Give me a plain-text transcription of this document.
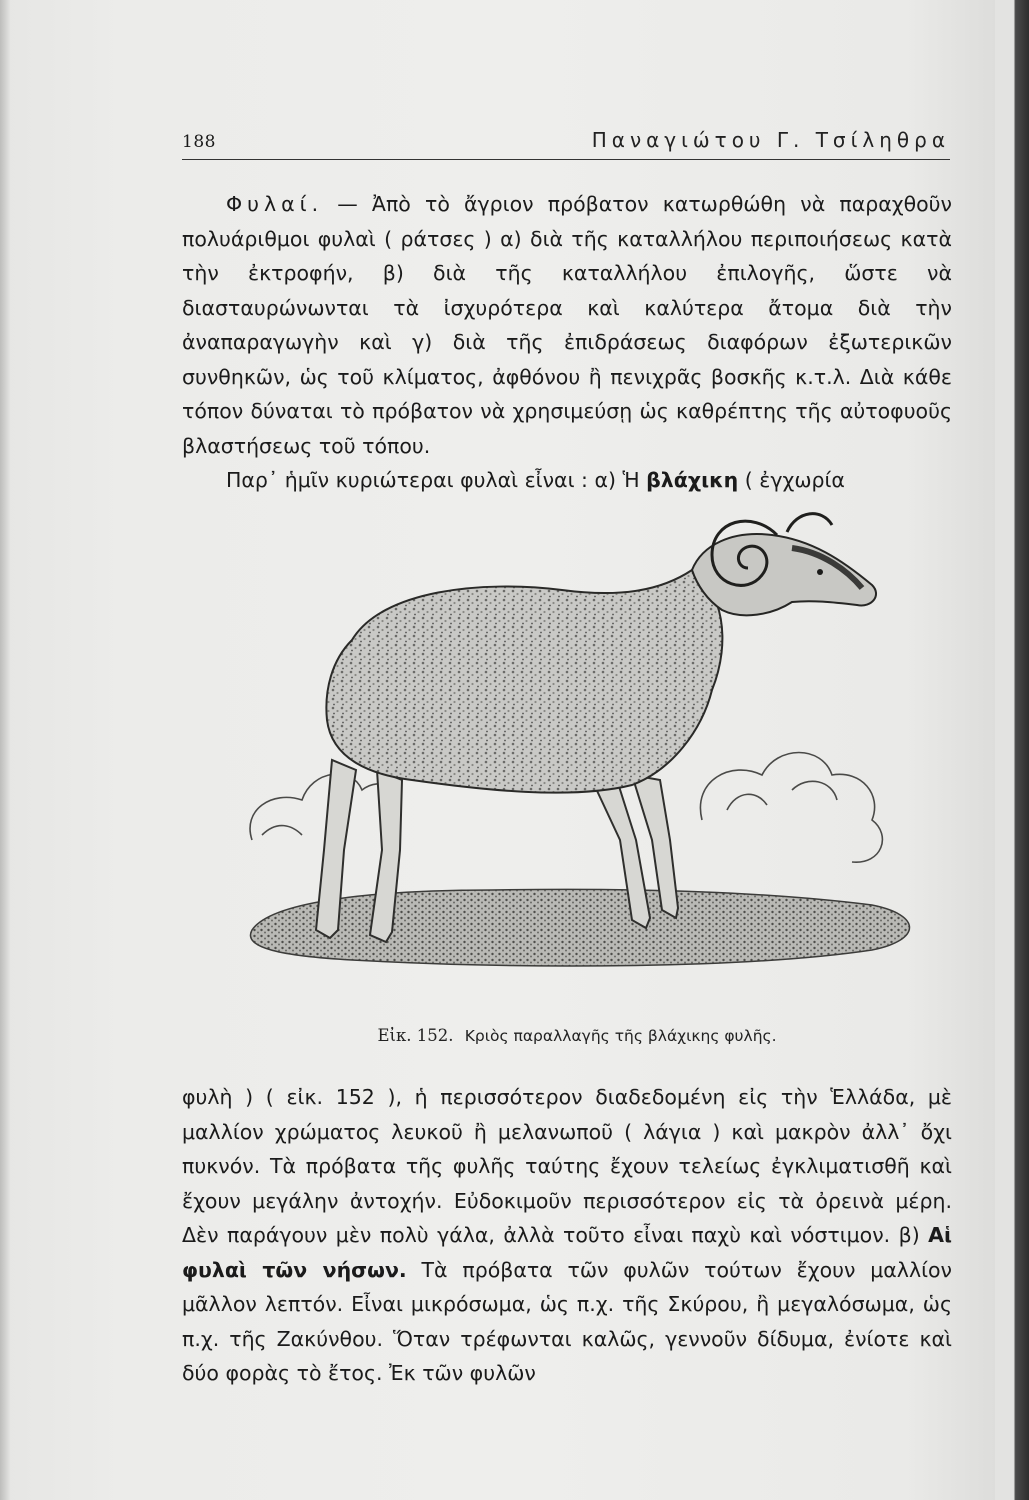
188	Παναγιώτου Γ. Τσίληθρα

Φυλαί. — Ἀπὸ τὸ ἄγριον πρόβατον κατωρθώθη νὰ παραχθοῦν πολυάριθμοι φυλαὶ ( ράτσες ) α) διὰ τῆς καταλλήλου περιποιήσεως κατὰ τὴν ἐκτροφήν, β) διὰ τῆς καταλλήλου ἐπιλογῆς, ὥστε νὰ διασταυρώνωνται τὰ ἰσχυρότερα καὶ καλύτερα ἄτομα διὰ τὴν ἀναπαραγωγὴν καὶ γ) διὰ τῆς ἐπιδράσεως διαφόρων ἐξωτερικῶν συνθηκῶν, ὡς τοῦ κλίματος, ἀφθόνου ἢ πενιχρᾶς βοσκῆς κ.τ.λ. Διὰ κάθε τόπον δύναται τὸ πρόβατον νὰ χρησιμεύσῃ ὡς καθρέπτης τῆς αὐτοφυοῦς βλαστήσεως τοῦ τόπου.

Παρ᾽ ἡμῖν κυριώτεραι φυλαὶ εἶναι : α) Ἡ βλάχικη ( ἐγχωρία

Εἰκ. 152. Κριὸς παραλλαγῆς τῆς βλάχικης φυλῆς.

φυλὴ ) ( εἰκ. 152 ), ἡ περισσότερον διαδεδομένη εἰς τὴν Ἑλλάδα, μὲ μαλλίον χρώματος λευκοῦ ἢ μελανωποῦ ( λάγια ) καὶ μακρὸν ἀλλ᾽ ὄχι πυκνόν. Τὰ πρόβατα τῆς φυλῆς ταύτης ἔχουν τελείως ἐγκλιματισθῆ καὶ ἔχουν μεγάλην ἀντοχήν. Εὐδοκιμοῦν περισσότερον εἰς τὰ ὀρεινὰ μέρη. Δὲν παράγουν μὲν πολὺ γάλα, ἀλλὰ τοῦτο εἶναι παχὺ καὶ νόστιμον. β) Αἱ φυλαὶ τῶν νήσων. Τὰ πρόβατα τῶν φυλῶν τούτων ἔχουν μαλλίον μᾶλλον λεπτόν. Εἶναι μικρόσωμα, ὡς π.χ. τῆς Σκύρου, ἢ μεγαλόσωμα, ὡς π.χ. τῆς Ζακύνθου. Ὅταν τρέφωνται καλῶς, γεννοῦν δίδυμα, ἐνίοτε καὶ δύο φορὰς τὸ ἔτος. Ἐκ τῶν φυλῶν
